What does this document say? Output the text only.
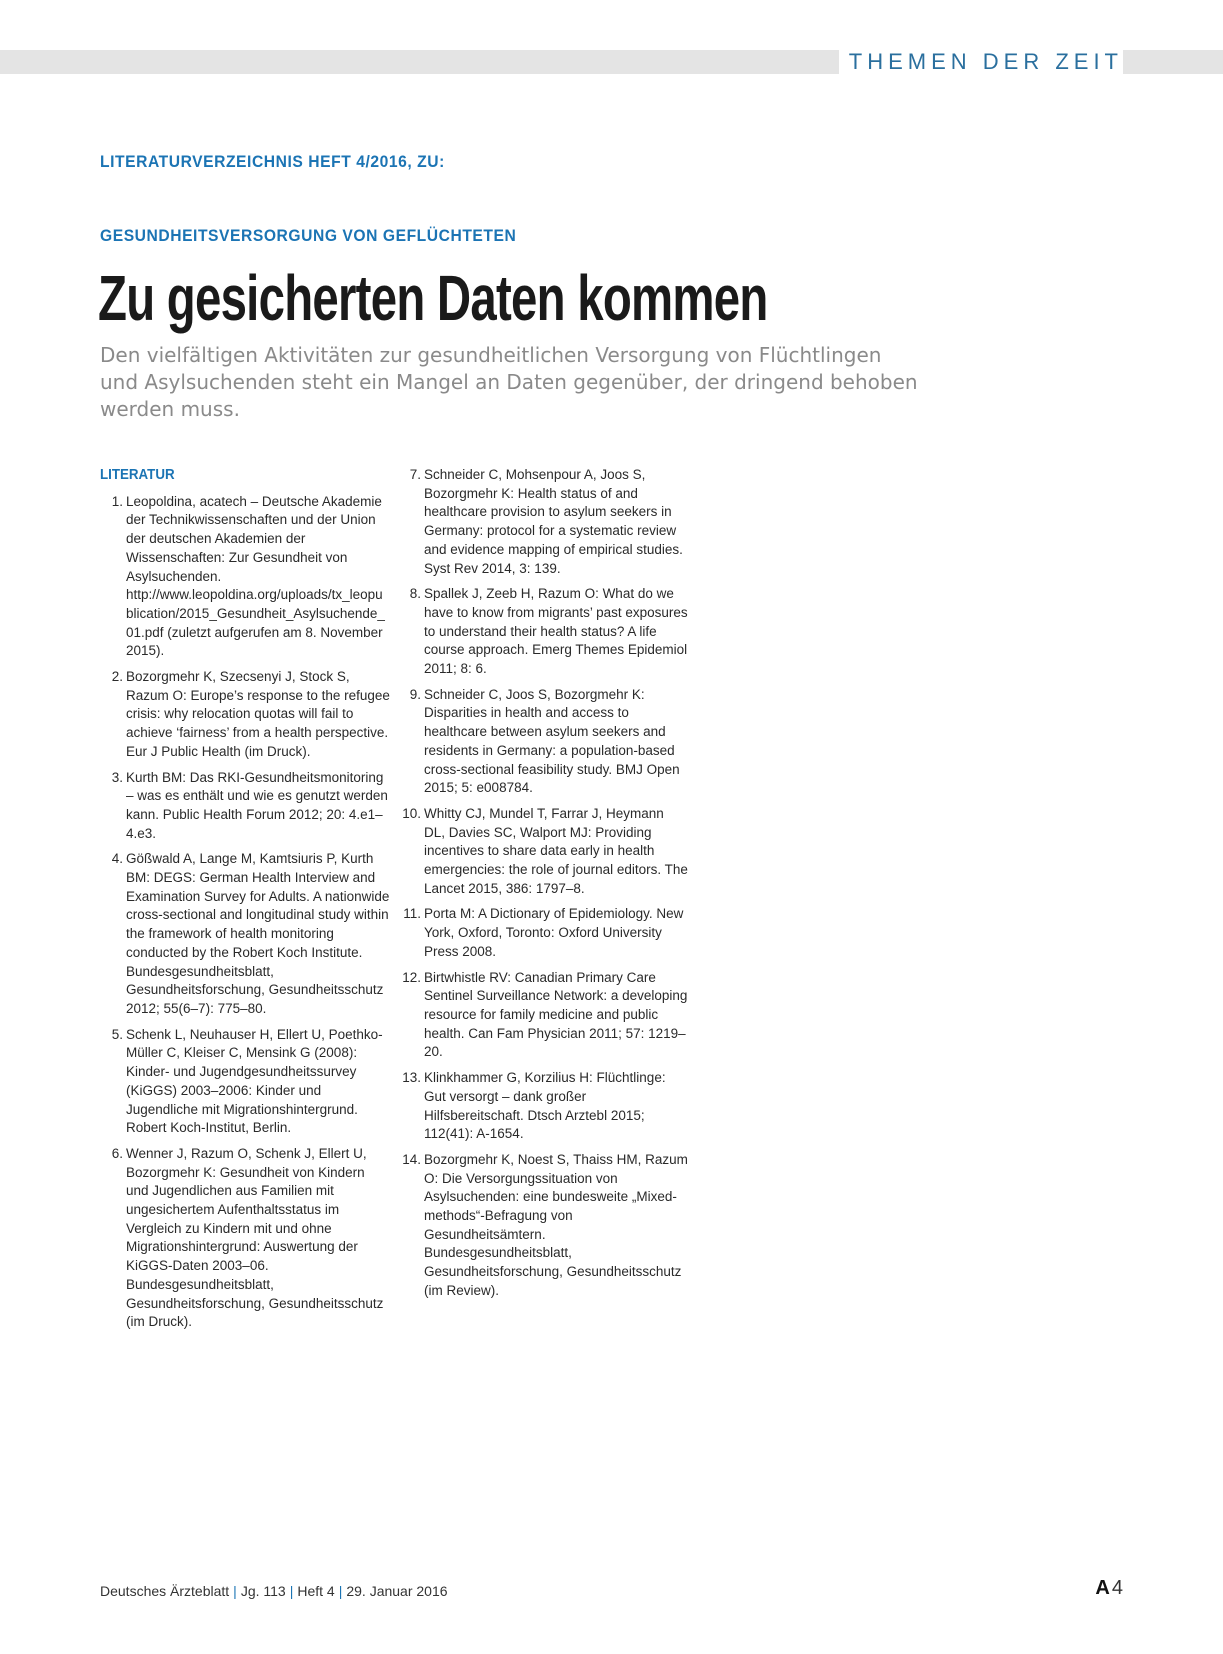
THEMEN DER ZEIT
LITERATURVERZEICHNIS HEFT 4/2016, ZU:
GESUNDHEITSVERSORGUNG VON GEFLÜCHTETEN
Zu gesicherten Daten kommen
Den vielfältigen Aktivitäten zur gesundheitlichen Versorgung von Flüchtlingen und Asylsuchenden steht ein Mangel an Daten gegenüber, der dringend behoben werden muss.
LITERATUR
1. Leopoldina, acatech – Deutsche Akademie der Technikwissenschaften und der Union der deutschen Akademien der Wissenschaften: Zur Gesundheit von Asylsuchenden. http://www.leopoldina.org/uploads/tx_leopublication/2015_Gesundheit_Asylsuchende_01.pdf (zuletzt aufgerufen am 8. November 2015).
2. Bozorgmehr K, Szecsenyi J, Stock S, Razum O: Europe’s response to the refugee crisis: why relocation quotas will fail to achieve ‘fairness’ from a health perspective. Eur J Public Health (im Druck).
3. Kurth BM: Das RKI-Gesundheitsmonitoring – was es enthält und wie es genutzt werden kann. Public Health Forum 2012; 20: 4.e1–4.e3.
4. Gößwald A, Lange M, Kamtsiuris P, Kurth BM: DEGS: German Health Interview and Examination Survey for Adults. A nationwide cross-sectional and longitudinal study within the framework of health monitoring conducted by the Robert Koch Institute. Bundesgesundheitsblatt, Gesundheitsforschung, Gesundheitsschutz 2012; 55(6–7): 775–80.
5. Schenk L, Neuhauser H, Ellert U, Poethko-Müller C, Kleiser C, Mensink G (2008): Kinder- und Jugendgesundheitssurvey (KiGGS) 2003–2006: Kinder und Jugendliche mit Migrationshintergrund. Robert Koch-Institut, Berlin.
6. Wenner J, Razum O, Schenk J, Ellert U, Bozorgmehr K: Gesundheit von Kindern und Jugendlichen aus Familien mit ungesichertem Aufenthaltsstatus im Vergleich zu Kindern mit und ohne Migrationshintergrund: Auswertung der KiGGS-Daten 2003–06. Bundesgesundheitsblatt, Gesundheitsforschung, Gesundheitsschutz (im Druck).
7. Schneider C, Mohsenpour A, Joos S, Bozorgmehr K: Health status of and healthcare provision to asylum seekers in Germany: protocol for a systematic review and evidence mapping of empirical studies. Syst Rev 2014, 3: 139.
8. Spallek J, Zeeb H, Razum O: What do we have to know from migrants’ past exposures to understand their health status? A life course approach. Emerg Themes Epidemiol 2011; 8: 6.
9. Schneider C, Joos S, Bozorgmehr K: Disparities in health and access to healthcare between asylum seekers and residents in Germany: a population-based cross-sectional feasibility study. BMJ Open 2015; 5: e008784.
10. Whitty CJ, Mundel T, Farrar J, Heymann DL, Davies SC, Walport MJ: Providing incentives to share data early in health emergencies: the role of journal editors. The Lancet 2015, 386: 1797–8.
11. Porta M: A Dictionary of Epidemiology. New York, Oxford, Toronto: Oxford University Press 2008.
12. Birtwhistle RV: Canadian Primary Care Sentinel Surveillance Network: a developing resource for family medicine and public health. Can Fam Physician 2011; 57: 1219–20.
13. Klinkhammer G, Korzilius H: Flüchtlinge: Gut versorgt – dank großer Hilfsbereitschaft. Dtsch Arztebl 2015; 112(41): A-1654.
14. Bozorgmehr K, Noest S, Thaiss HM, Razum O: Die Versorgungssituation von Asylsuchenden: eine bundesweite „Mixed-methods“-Befragung von Gesundheitsämtern. Bundesgesundheitsblatt, Gesundheitsforschung, Gesundheitsschutz (im Review).
Deutsches Ärzteblatt | Jg. 113 | Heft 4 | 29. Januar 2016	A 4
